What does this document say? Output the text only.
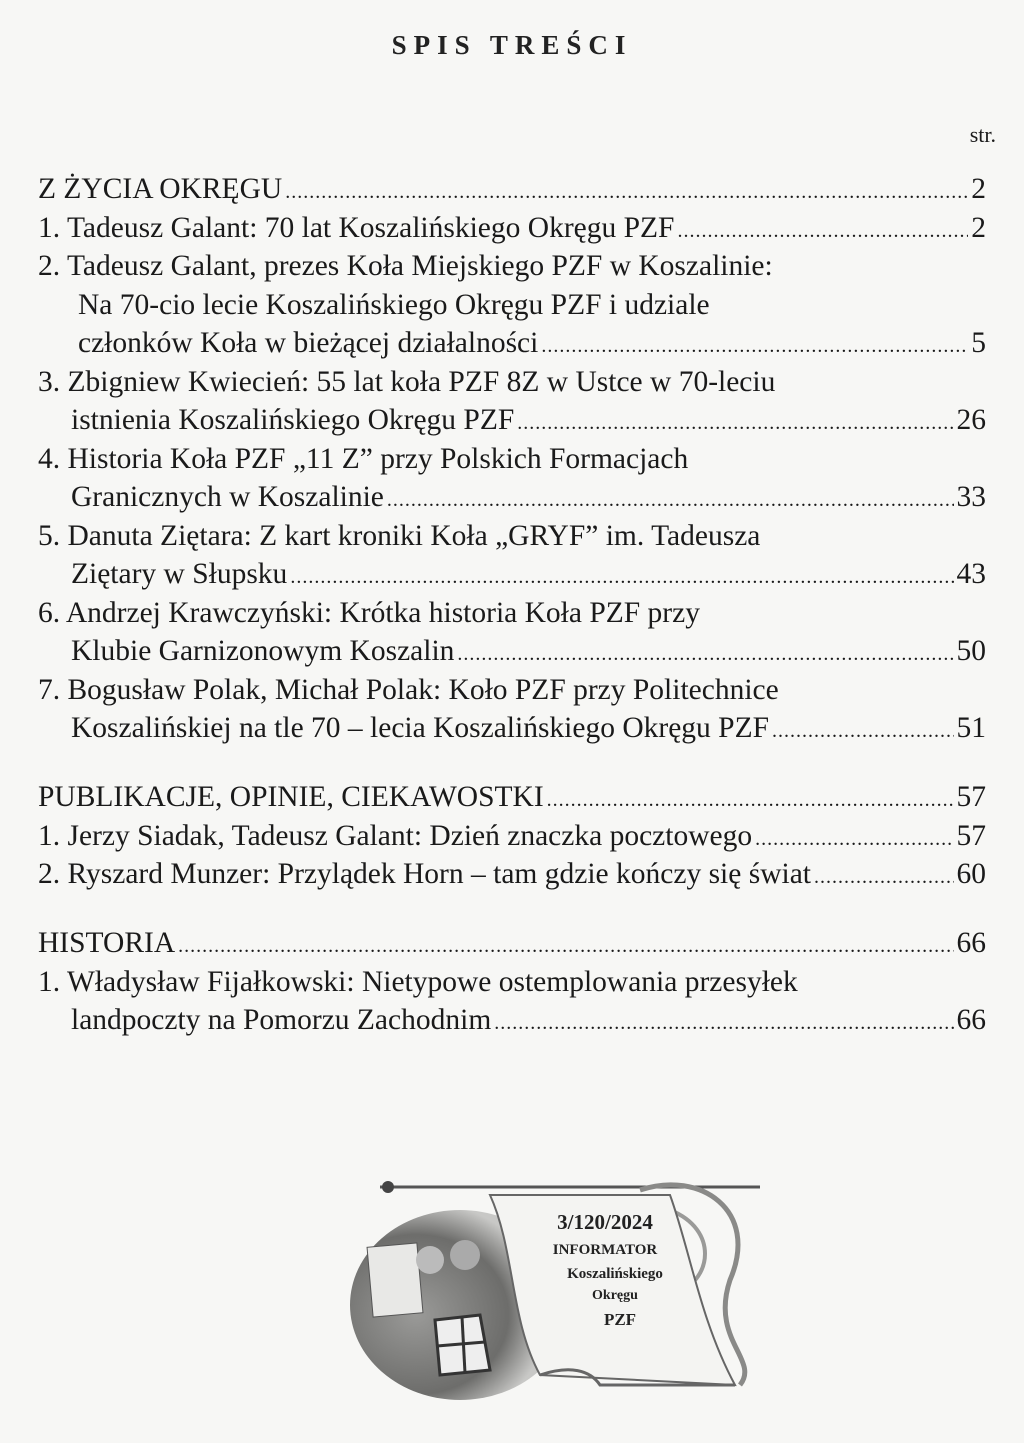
SPIS TREŚCI
str.
Z ŻYCIA OKRĘGU .....	2
1. Tadeusz Galant: 70 lat Koszalińskiego Okręgu PZF .....	2
2. Tadeusz Galant, prezes Koła Miejskiego PZF w Koszalinie:
Na 70-cio lecie Koszalińskiego Okręgu PZF i udziale
członków Koła w bieżącej działalności .....	5
3. Zbigniew Kwiecień: 55 lat koła PZF 8Z w Ustce w 70-leciu
istnienia Koszalińskiego Okręgu PZF .....	26
4. Historia Koła PZF „11 Z” przy Polskich Formacjach
Granicznych w Koszalinie .....	33
5. Danuta Ziętara: Z kart kroniki Koła „GRYF” im. Tadeusza
Ziętary w Słupsku .....	43
6. Andrzej Krawczyński: Krótka historia Koła PZF przy
Klubie Garnizonowym Koszalin .....	50
7. Bogusław Polak, Michał Polak: Koło PZF przy Politechnice
Koszalińskiej na tle 70 – lecia Koszalińskiego Okręgu PZF .....	51
PUBLIKACJE, OPINIE, CIEKAWOSTKI .....	57
1. Jerzy Siadak, Tadeusz Galant: Dzień znaczka pocztowego .....	57
2. Ryszard Munzer: Przylądek Horn – tam gdzie kończy się świat .....	60
HISTORIA .....	66
1. Władysław Fijałkowski: Nietypowe ostemplowania przesyłek
landpoczty na Pomorzu Zachodnim .....	66
3/120/2024
INFORMATOR
Koszalińskiego
Okręgu
PZF
